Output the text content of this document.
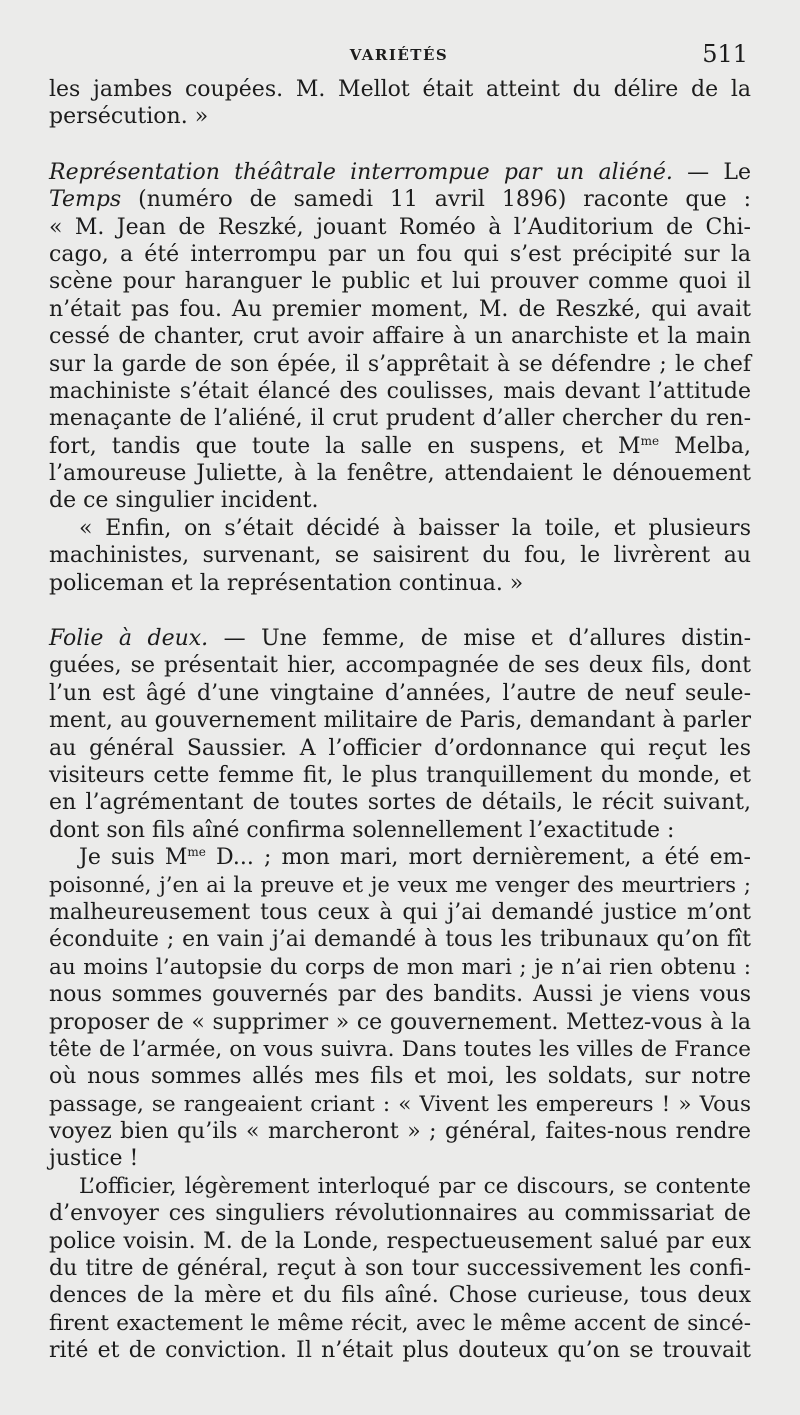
VARIÉTÉS	511
les jambes coupées. M. Mellot était atteint du délire de la
persécution. »
Représentation théâtrale interrompue par un aliéné. — Le
Temps (numéro de samedi 11 avril 1896) raconte que :
« M. Jean de Reszké, jouant Roméo à l’Auditorium de Chi-
cago, a été interrompu par un fou qui s’est précipité sur la
scène pour haranguer le public et lui prouver comme quoi il
n’était pas fou. Au premier moment, M. de Reszké, qui avait
cessé de chanter, crut avoir affaire à un anarchiste et la main
sur la garde de son épée, il s’apprêtait à se défendre ; le chef
machiniste s’était élancé des coulisses, mais devant l’attitude
menaçante de l’aliéné, il crut prudent d’aller chercher du ren-
fort, tandis que toute la salle en suspens, et $M^{me}$ Melba,
l’amoureuse Juliette, à la fenêtre, attendaient le dénouement
de ce singulier incident.
« Enfin, on s’était décidé à baisser la toile, et plusieurs
machinistes, survenant, se saisirent du fou, le livrèrent au
policeman et la représentation continua. »
Folie à deux. — Une femme, de mise et d’allures distin-
guées, se présentait hier, accompagnée de ses deux fils, dont
l’un est âgé d’une vingtaine d’années, l’autre de neuf seule-
ment, au gouvernement militaire de Paris, demandant à parler
au général Saussier. A l’officier d’ordonnance qui reçut les
visiteurs cette femme fit, le plus tranquillement du monde, et
en l’agrémentant de toutes sortes de détails, le récit suivant,
dont son fils aîné confirma solennellement l’exactitude :
Je suis $M^{me}$ D... ; mon mari, mort dernièrement, a été em-
poisonné, j’en ai la preuve et je veux me venger des meurtriers ;
malheureusement tous ceux à qui j’ai demandé justice m’ont
éconduite ; en vain j’ai demandé à tous les tribunaux qu’on fît
au moins l’autopsie du corps de mon mari ; je n’ai rien obtenu :
nous sommes gouvernés par des bandits. Aussi je viens vous
proposer de « supprimer » ce gouvernement. Mettez-vous à la
tête de l’armée, on vous suivra. Dans toutes les villes de France
où nous sommes allés mes fils et moi, les soldats, sur notre
passage, se rangeaient criant : « Vivent les empereurs ! » Vous
voyez bien qu’ils « marcheront » ; général, faites-nous rendre
justice !
L’officier, légèrement interloqué par ce discours, se contente
d’envoyer ces singuliers révolutionnaires au commissariat de
police voisin. M. de la Londe, respectueusement salué par eux
du titre de général, reçut à son tour successivement les confi-
dences de la mère et du fils aîné. Chose curieuse, tous deux
firent exactement le même récit, avec le même accent de sincé-
rité et de conviction. Il n’était plus douteux qu’on se trouvait
